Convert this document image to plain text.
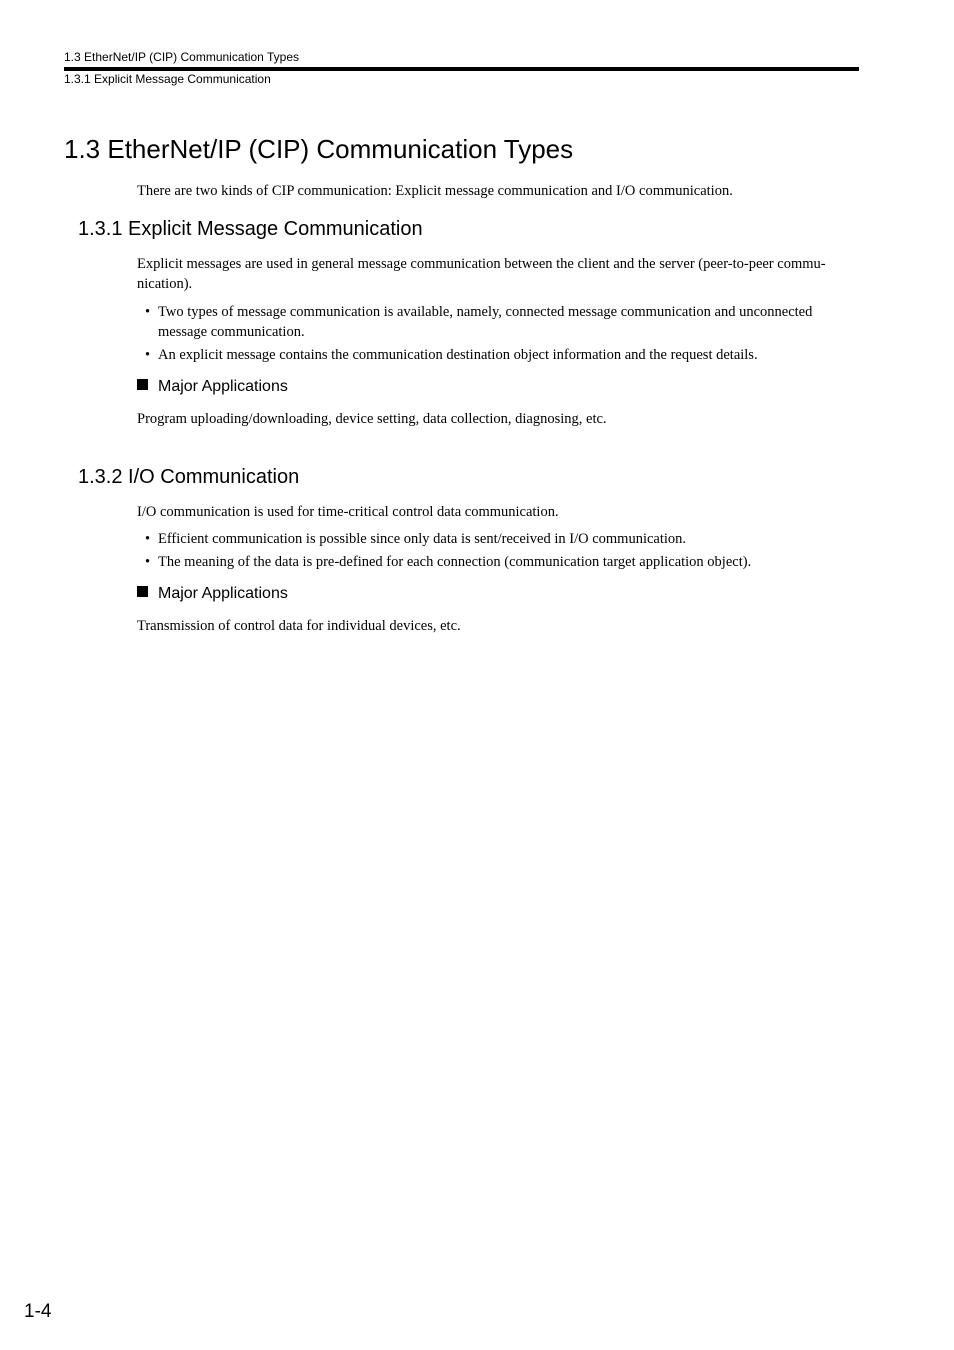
1.3 EtherNet/IP (CIP) Communication Types
1.3.1 Explicit Message Communication
1.3 EtherNet/IP (CIP) Communication Types
There are two kinds of CIP communication: Explicit message communication and I/O communication.
1.3.1 Explicit Message Communication
Explicit messages are used in general message communication between the client and the server (peer-to-peer commu-nication).
• Two types of message communication is available, namely, connected message communication and unconnected message communication.
• An explicit message contains the communication destination object information and the request details.
Major Applications
Program uploading/downloading, device setting, data collection, diagnosing, etc.
1.3.2 I/O Communication
I/O communication is used for time-critical control data communication.
• Efficient communication is possible since only data is sent/received in I/O communication.
• The meaning of the data is pre-defined for each connection (communication target application object).
Major Applications
Transmission of control data for individual devices, etc.
1-4
